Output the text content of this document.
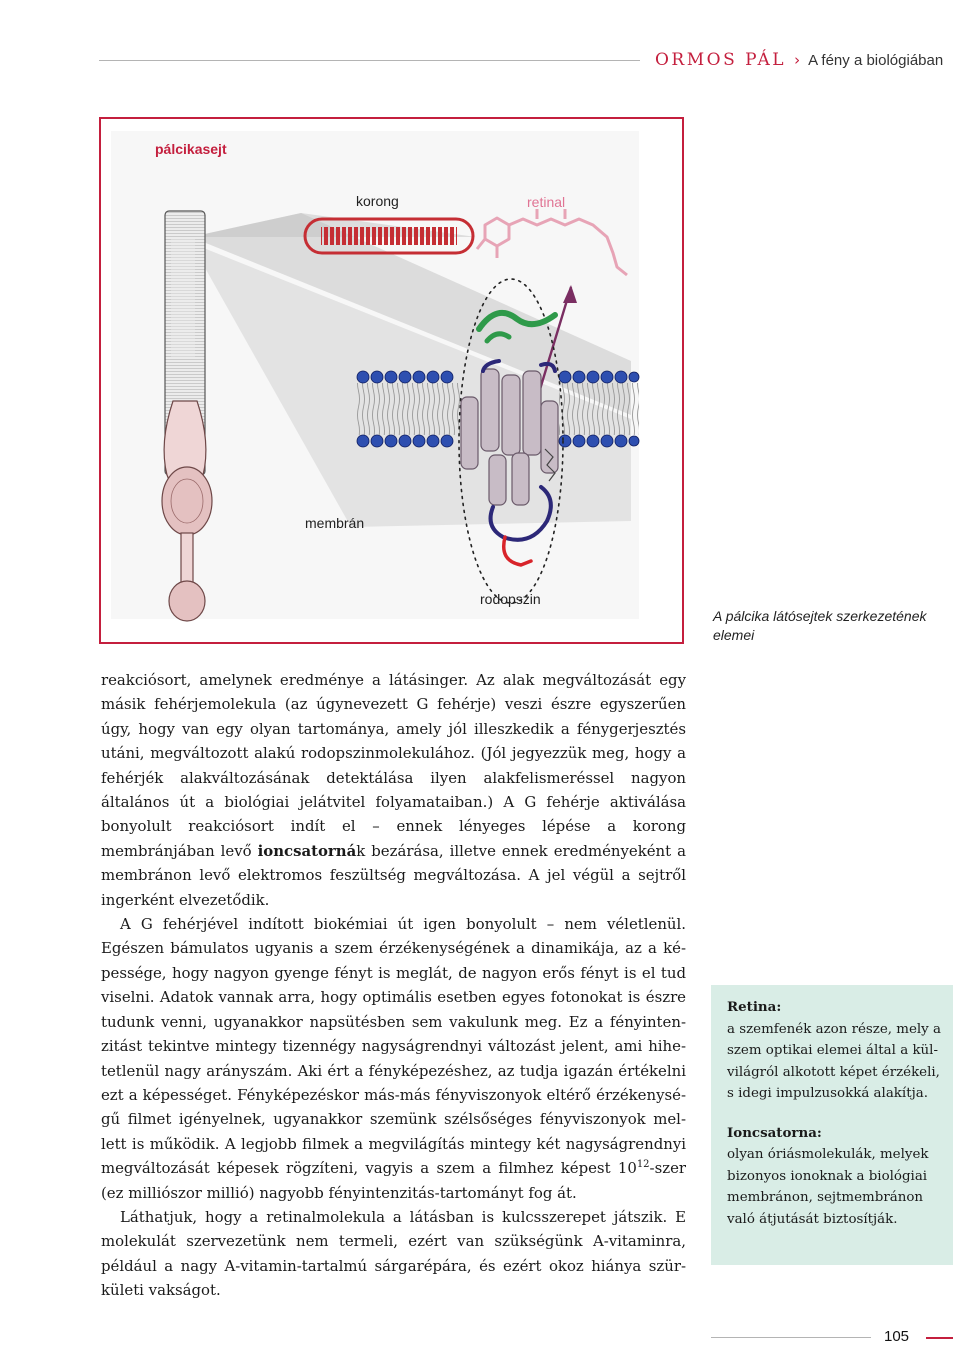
ORMOS PÁL › A fény a biológiában
pálcikasejt
korong	retinal
membrán
rodopszin
A pálcika látósejtek szerkezetének elemei

reakciósort, amelynek eredménye a látásinger. Az alak megváltozását egy másik fehérjemolekula (az úgynevezett G fehérje) veszi észre egyszerűen úgy, hogy van egy olyan tartománya, amely jól illeszkedik a fénygerjesztés utáni, megváltozott alakú rodopszinmolekulához. (Jól jegyezzük meg, hogy a fehérjék alakváltozásának detektálása ilyen alakfelismeréssel nagyon általános út a biológiai jelátvitel folyamataiban.) A G fehérje aktiválása bonyolult reakciósort indít el – ennek lényeges lépése a korong membránjában levő ioncsatornák bezárása, illetve ennek eredményeként a membránon levő elektromos feszültség megváltozása. A jel végül a sejtről ingerként elvezetődik.

A G fehérjével indított biokémiai út igen bonyolult – nem véletlenül. Egészen bámulatos ugyanis a szem érzékenységének a dinamikája, az a képessége, hogy nagyon gyenge fényt is meglát, de nagyon erős fényt is el tud viselni. Adatok vannak arra, hogy optimális esetben egyes fotonokat is észre tudunk venni, ugyanakkor napsütésben sem vakulunk meg. Ez a fényintenzitást tekintve mintegy tizennégy nagyságrendnyi változást jelent, ami hihetetlenül nagy arányszám. Aki ért a fényképezéshez, az tudja igazán értékelni ezt a képességet. Fényképezéskor más-más fényviszonyok eltérő érzékenységű filmet igényelnek, ugyanakkor szemünk szélsőséges fényviszonyok mellett is működik. A legjobb filmek a megvilágítás mintegy két nagyságrendnyi megváltozását képesek rögzíteni, vagyis a szem a filmhez képest $10^{12}$-szer (ez milliószor millió) nagyobb fényintenzitás-tartományt fog át.

Láthatjuk, hogy a retinalmolekula a látásban is kulcsszerepet játszik. E molekulát szervezetünk nem termeli, ezért van szükségünk A-vitaminra, például a nagy A-vitamin-tartalmú sárgarépára, és ezért okoz hiánya szürkületi vakságot.

Retina:
a szemfenék azon része, mely a szem optikai elemei által a külvilágról alkotott képet érzékeli, s idegi impulzusokká alakítja.
Ioncsatorna:
olyan óriásmolekulák, melyek bizonyos ionoknak a biológiai membránon, sejtmembránon való átjutását biztosítják.
105
